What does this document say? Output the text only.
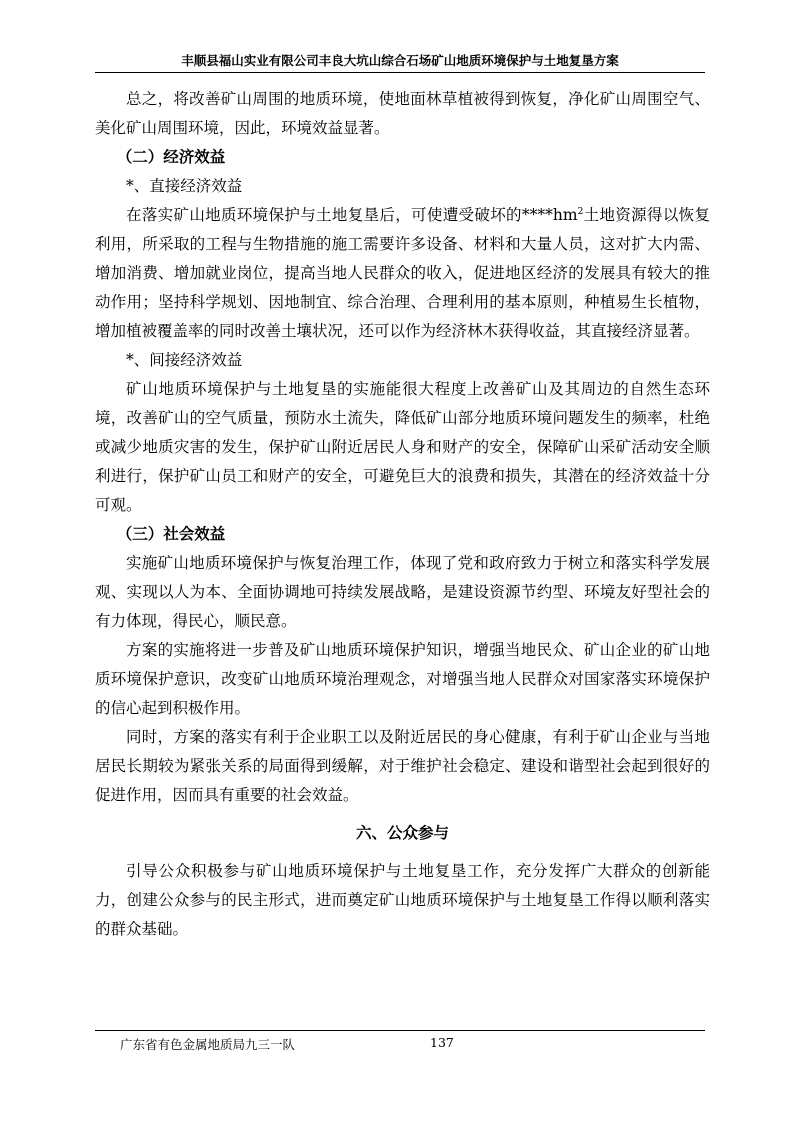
丰顺县福山实业有限公司丰良大坑山综合石场矿山地质环境保护与土地复垦方案

总之，将改善矿山周围的地质环境，使地面林草植被得到恢复，净化矿山周围空气、美化矿山周围环境，因此，环境效益显著。

（二）经济效益

*、直接经济效益

在落实矿山地质环境保护与土地复垦后，可使遭受破坏的$****hm^2$土地资源得以恢复利用，所采取的工程与生物措施的施工需要许多设备、材料和大量人员，这对扩大内需、增加消费、增加就业岗位，提高当地人民群众的收入，促进地区经济的发展具有较大的推动作用；坚持科学规划、因地制宜、综合治理、合理利用的基本原则，种植易生长植物，增加植被覆盖率的同时改善土壤状况，还可以作为经济林木获得收益，其直接经济显著。

*、间接经济效益

矿山地质环境保护与土地复垦的实施能很大程度上改善矿山及其周边的自然生态环境，改善矿山的空气质量，预防水土流失，降低矿山部分地质环境问题发生的频率，杜绝或减少地质灾害的发生，保护矿山附近居民人身和财产的安全，保障矿山采矿活动安全顺利进行，保护矿山员工和财产的安全，可避免巨大的浪费和损失，其潜在的经济效益十分可观。

（三）社会效益

实施矿山地质环境保护与恢复治理工作，体现了党和政府致力于树立和落实科学发展观、实现以人为本、全面协调地可持续发展战略，是建设资源节约型、环境友好型社会的有力体现，得民心，顺民意。

方案的实施将进一步普及矿山地质环境保护知识，增强当地民众、矿山企业的矿山地质环境保护意识，改变矿山地质环境治理观念，对增强当地人民群众对国家落实环境保护的信心起到积极作用。

同时，方案的落实有利于企业职工以及附近居民的身心健康，有利于矿山企业与当地居民长期较为紧张关系的局面得到缓解，对于维护社会稳定、建设和谐型社会起到很好的促进作用，因而具有重要的社会效益。

六、公众参与

引导公众积极参与矿山地质环境保护与土地复垦工作，充分发挥广大群众的创新能力，创建公众参与的民主形式，进而奠定矿山地质环境保护与土地复垦工作得以顺利落实的群众基础。

广东省有色金属地质局九三一队	137
